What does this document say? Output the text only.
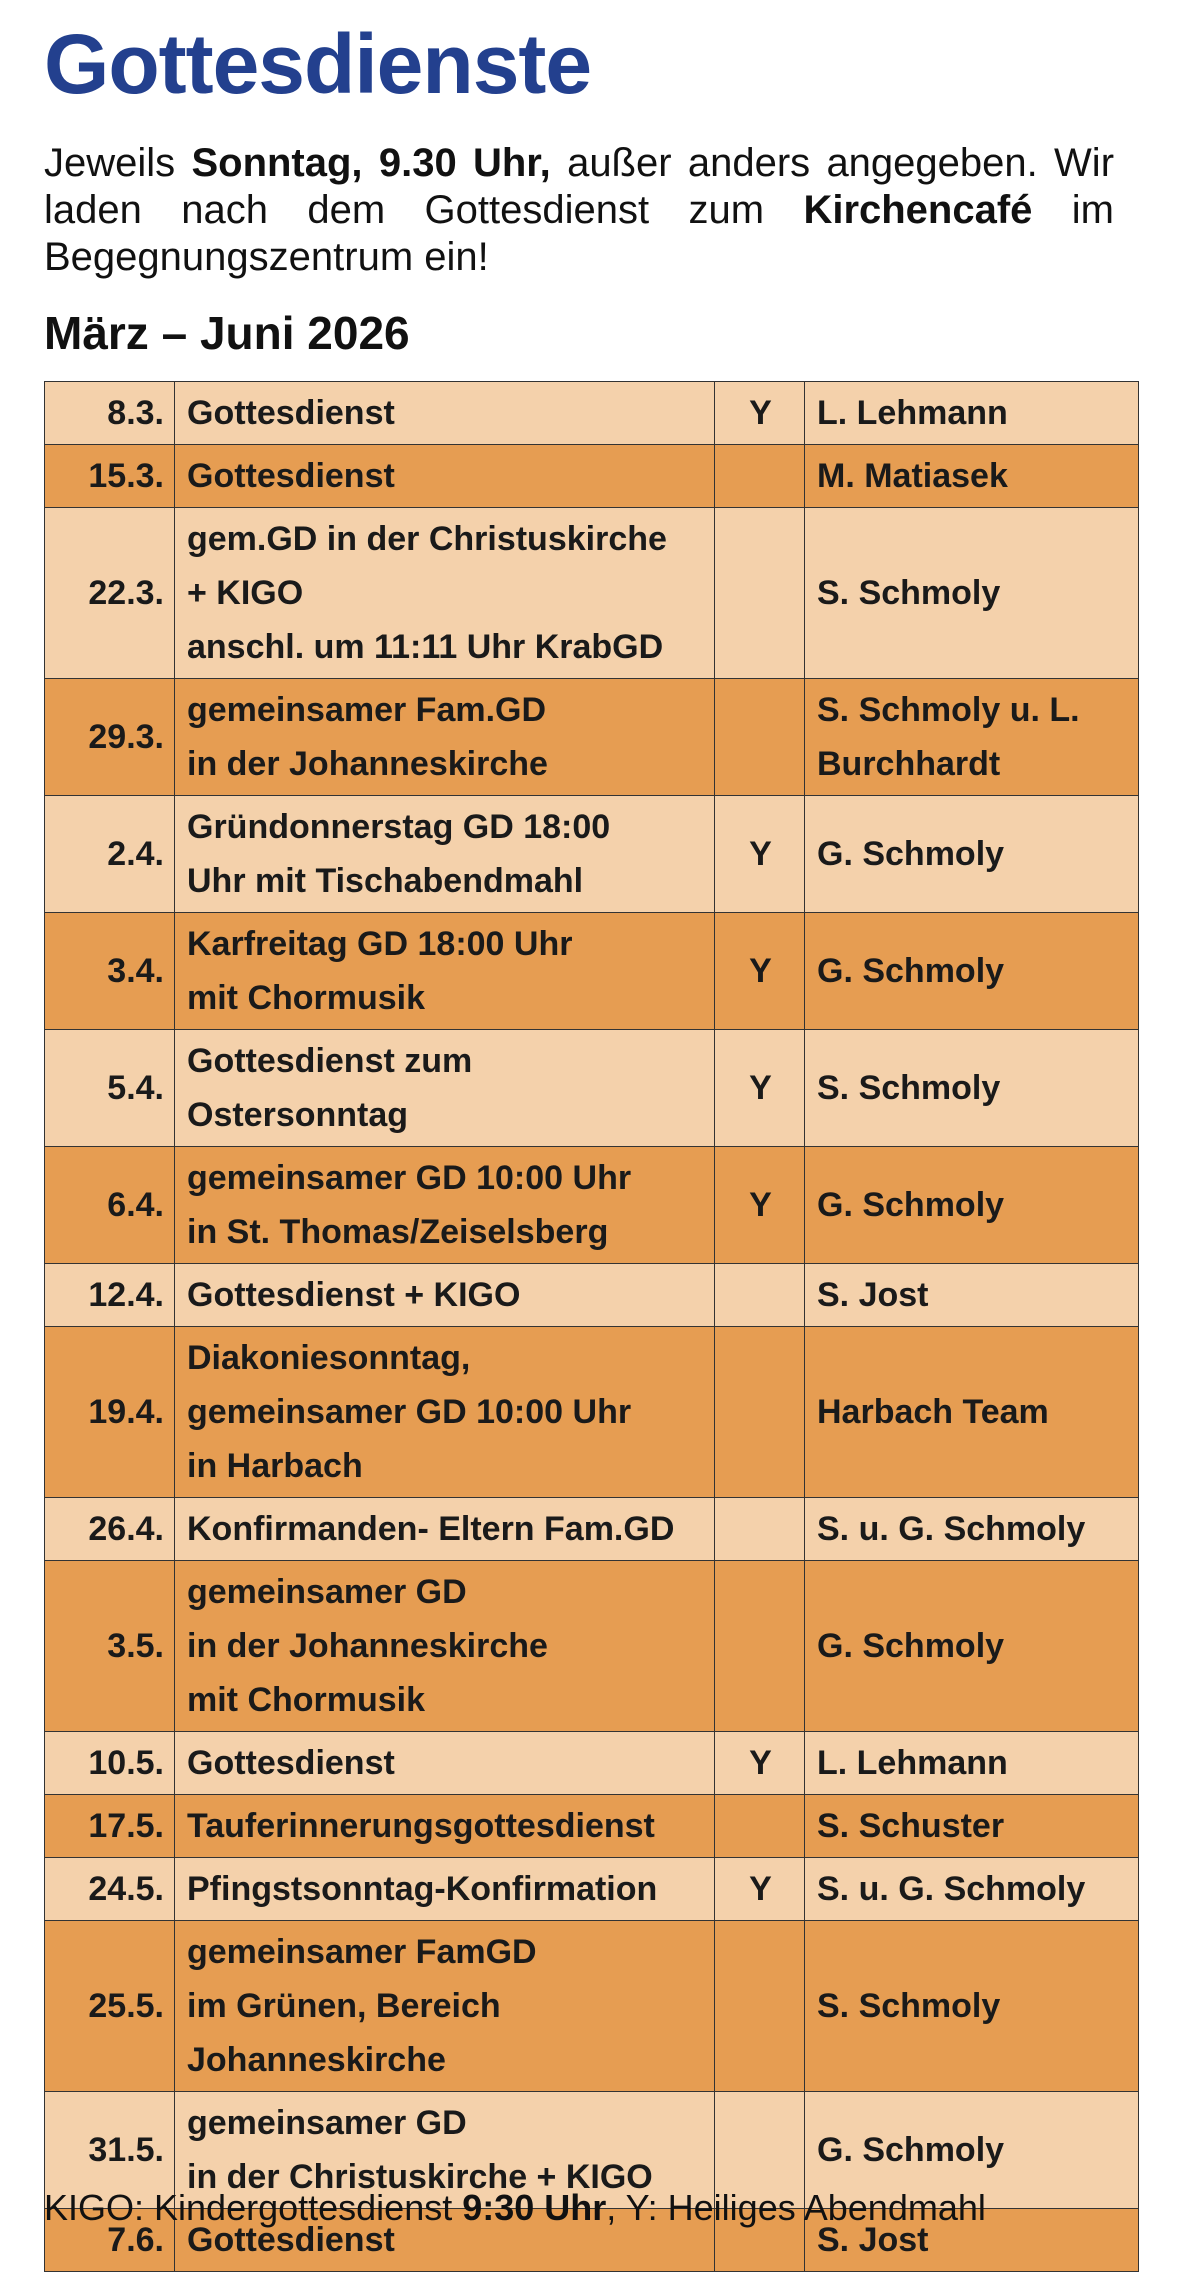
Gottesdienste

Jeweils Sonntag, 9.30 Uhr, außer anders angegeben. Wir laden nach dem Gottesdienst zum Kirchencafé im Begegnungszentrum ein!

März – Juni 2026
8.3.	Gottesdienst	Y	L. Lehmann
15.3.	Gottesdienst		M. Matiasek
22.3.	gem.GD in der Christuskirche
+ KIGO
anschl. um 11:11 Uhr KrabGD		S. Schmoly
29.3.	gemeinsamer Fam.GD
in der Johanneskirche		S. Schmoly u. L. Burchhardt
2.4.	Gründonnerstag GD 18:00
Uhr mit Tischabendmahl	Y	G. Schmoly
3.4.	Karfreitag GD 18:00 Uhr
mit Chormusik	Y	G. Schmoly
5.4.	Gottesdienst zum
Ostersonntag	Y	S. Schmoly
6.4.	gemeinsamer GD 10:00 Uhr
in St. Thomas/Zeiselsberg	Y	G. Schmoly
12.4.	Gottesdienst + KIGO		S. Jost
19.4.	Diakoniesonntag,
gemeinsamer GD 10:00 Uhr
in Harbach		Harbach Team
26.4.	Konfirmanden- Eltern Fam.GD		S. u. G. Schmoly
3.5.	gemeinsamer GD
in der Johanneskirche
mit Chormusik		G. Schmoly
10.5.	Gottesdienst	Y	L. Lehmann
17.5.	Tauferinnerungsgottesdienst		S. Schuster
24.5.	Pfingstsonntag-Konfirmation	Y	S. u. G. Schmoly
25.5.	gemeinsamer FamGD
im Grünen, Bereich
Johanneskirche		S. Schmoly
31.5.	gemeinsamer GD
in der Christuskirche + KIGO		G. Schmoly
7.6.	Gottesdienst		S. Jost
KIGO: Kindergottesdienst 9:30 Uhr, Y: Heiliges Abendmahl
